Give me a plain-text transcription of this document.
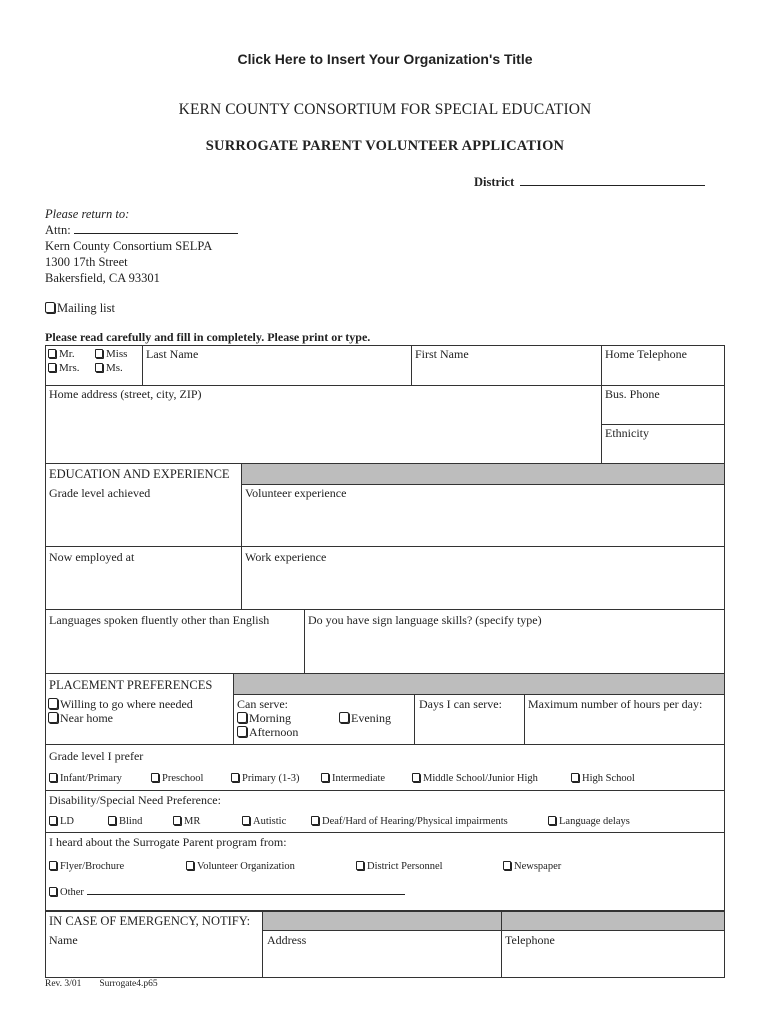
Click Here to Insert Your Organization's Title
KERN COUNTY CONSORTIUM FOR SPECIAL EDUCATION
SURROGATE PARENT VOLUNTEER APPLICATION
District
Please return to:
Attn:
Kern County Consortium SELPA
1300 17th Street
Bakersfield, CA 93301
Mailing list
Please read carefully and fill in completely. Please print or type.
Mr.	Miss
Mrs.	Ms.
Last Name	First Name	Home Telephone
Home address (street, city, ZIP)	Bus. Phone
Ethnicity
EDUCATION AND EXPERIENCE
Grade level achieved	Volunteer experience
Now employed at	Work experience
Languages spoken fluently other than English	Do you have sign language skills? (specify type)
PLACEMENT PREFERENCES
Willing to go where needed
Near home
Can serve:
Morning
Afternoon
Evening
Days I can serve: Maximum number of hours per day:
Grade level I prefer
Infant/Primary	Preschool	Primary (1-3)	Intermediate	Middle School/Junior High	High School
Disability/Special Need Preference:
LD	Blind	MR	Autistic	Deaf/Hard of Hearing/Physical impairments	Language delays
I heard about the Surrogate Parent program from:
Flyer/Brochure	Volunteer Organization	District Personnel	Newspaper
Other
IN CASE OF EMERGENCY, NOTIFY:
Name	Address	Telephone
Rev. 3/01 Surrogate4.p65
